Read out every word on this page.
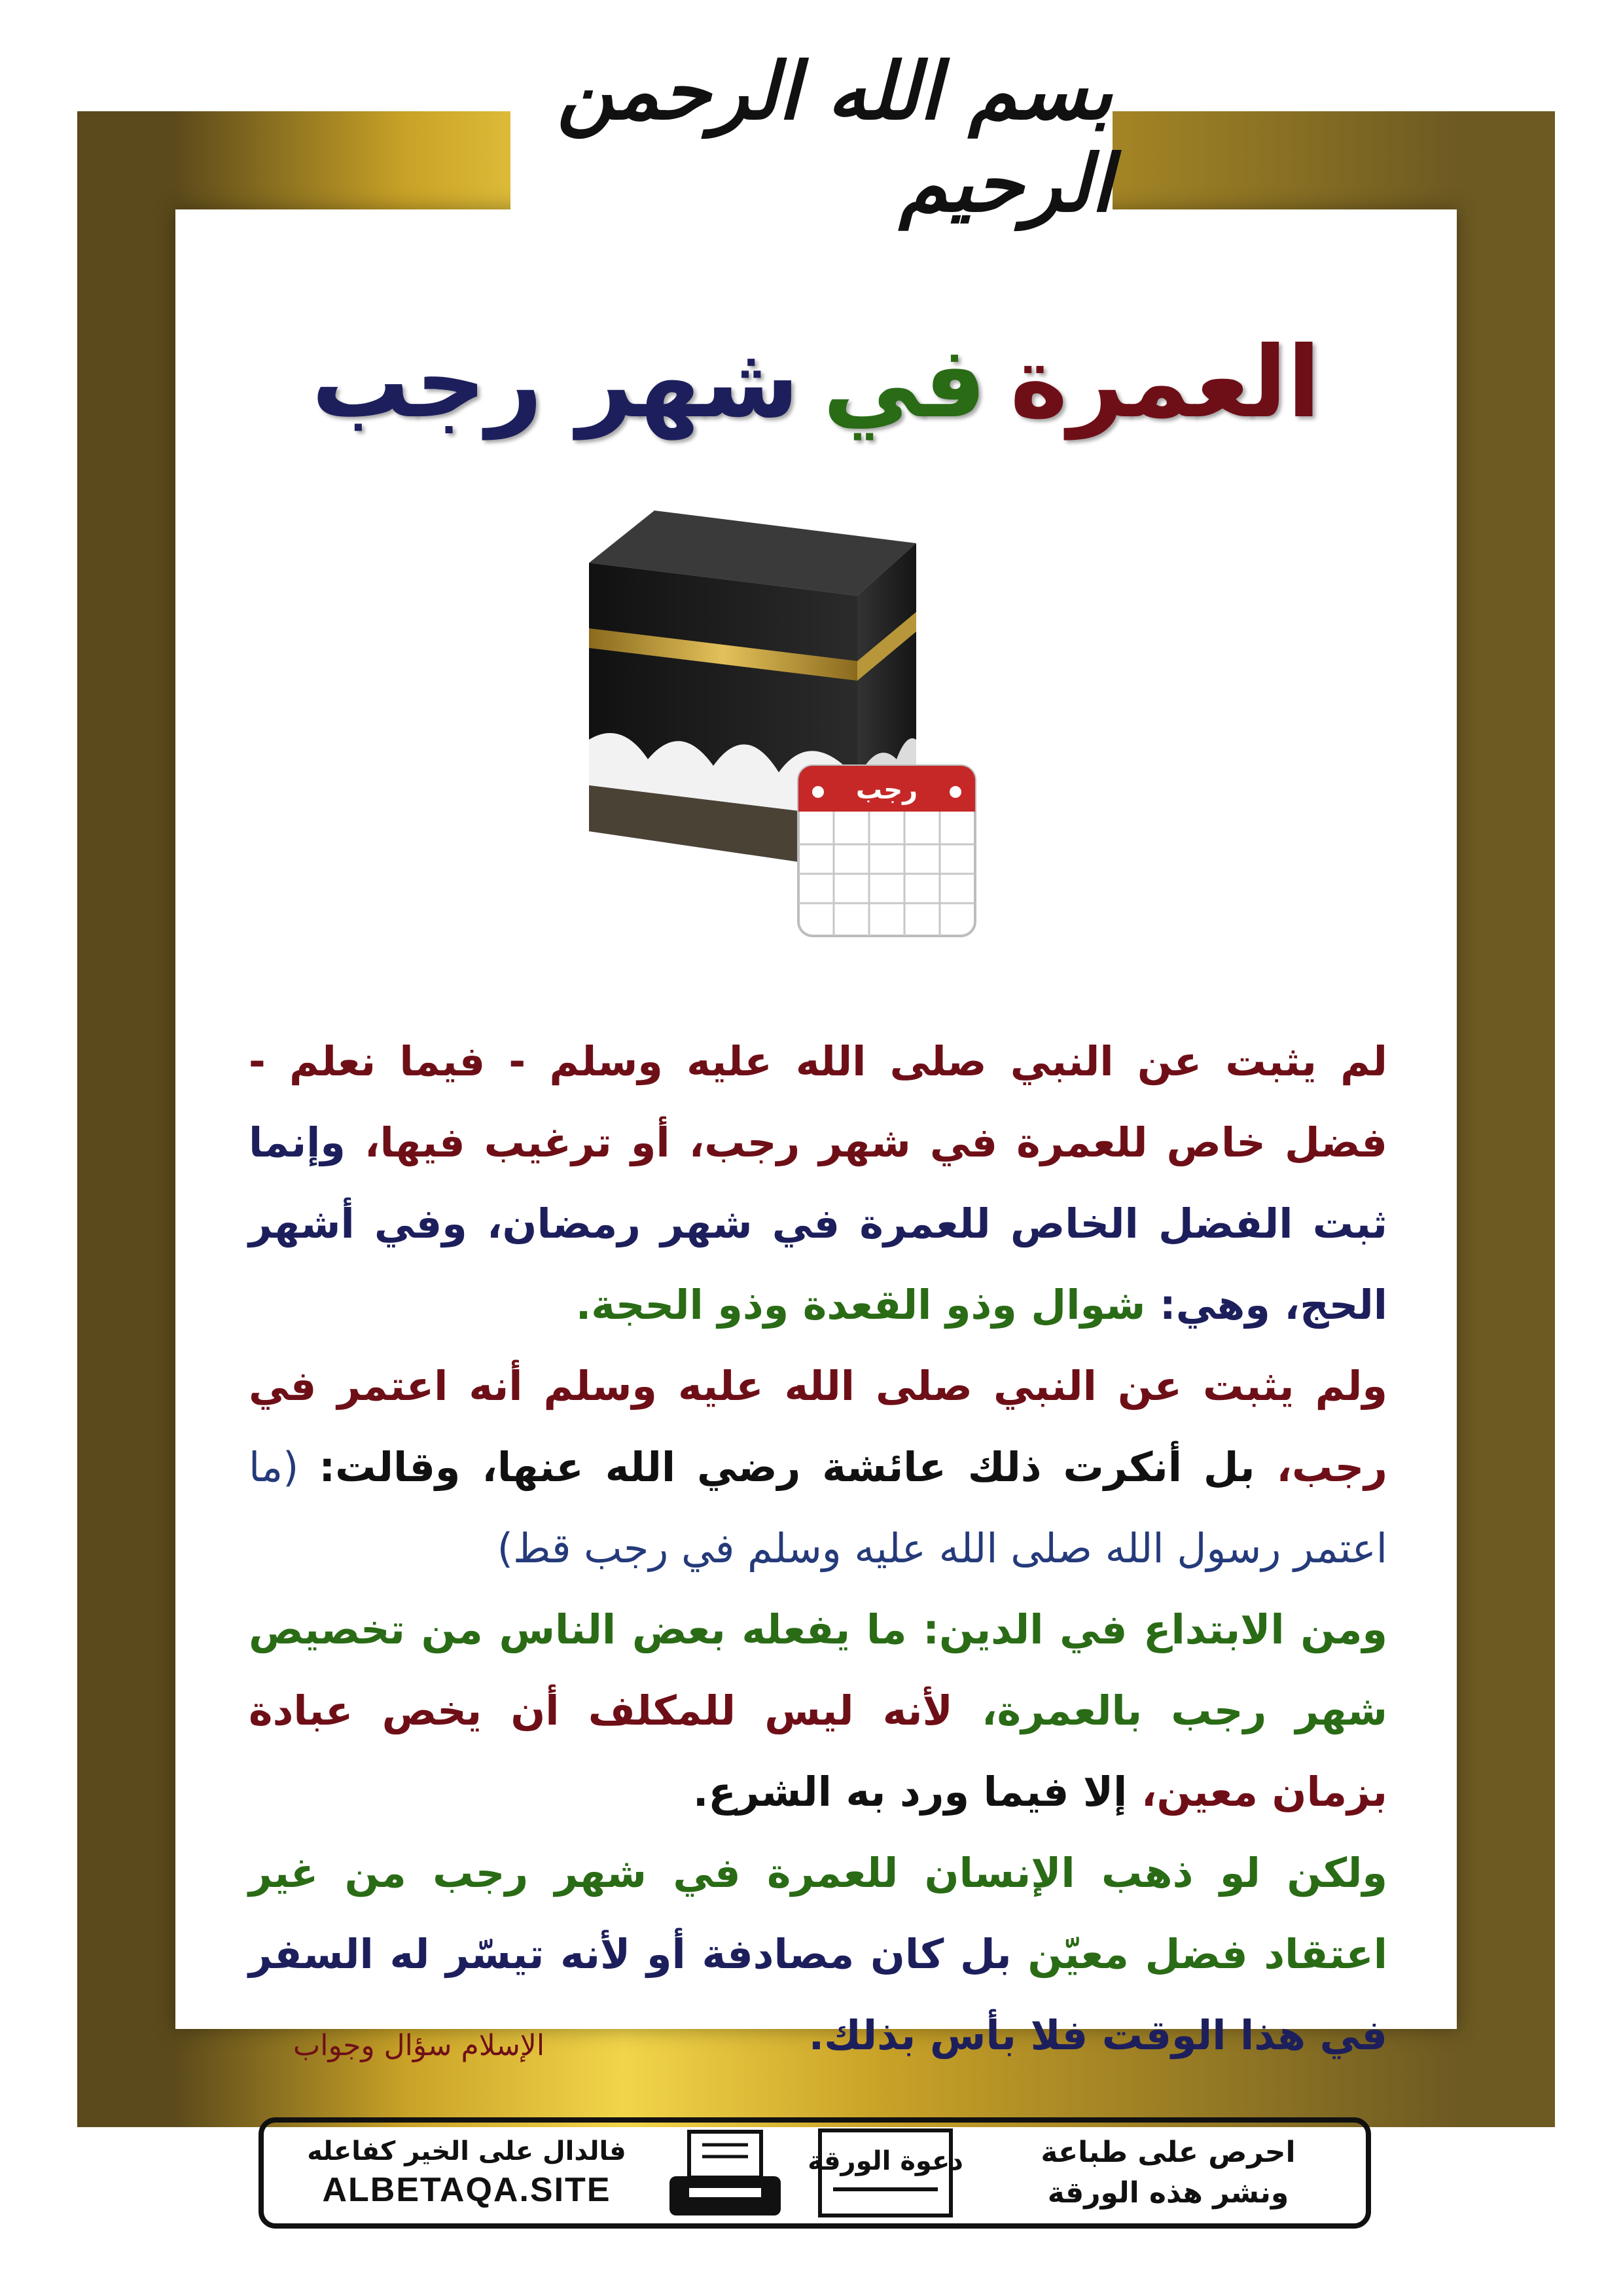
بسم الله الرحمن الرحيم
العمرة
في
شهر رجب
رجب

لم يثبت عن النبي صلى الله عليه وسلم - فيما نعلم - فضل خاص للعمرة في شهر رجب، أو ترغيب فيها، وإنما ثبت الفضل الخاص للعمرة في شهر رمضان، وفي أشهر الحج، وهي: شوال وذو القعدة وذو الحجة.

ولم يثبت عن النبي صلى الله عليه وسلم أنه اعتمر في رجب، بل أنكرت ذلك عائشة رضي الله عنها، وقالت: (ما اعتمر رسول الله صلى الله عليه وسلم في رجب قط)

ومن الابتداع في الدين: ما يفعله بعض الناس من تخصيص شهر رجب بالعمرة، لأنه ليس للمكلف أن يخص عبادة بزمان معين، إلا فيما ورد به الشرع.

ولكن لو ذهب الإنسان للعمرة في شهر رجب من غير اعتقاد فضل معيّن بل كان مصادفة أو لأنه تيسّر له السفر في هذا الوقت فلا بأس بذلك.

الإسلام سؤال وجواب
فالدال على الخير كفاعله
ALBETAQA.SITE
دعوة الورقة	احرص على طباعة
ونشر هذه الورقة
